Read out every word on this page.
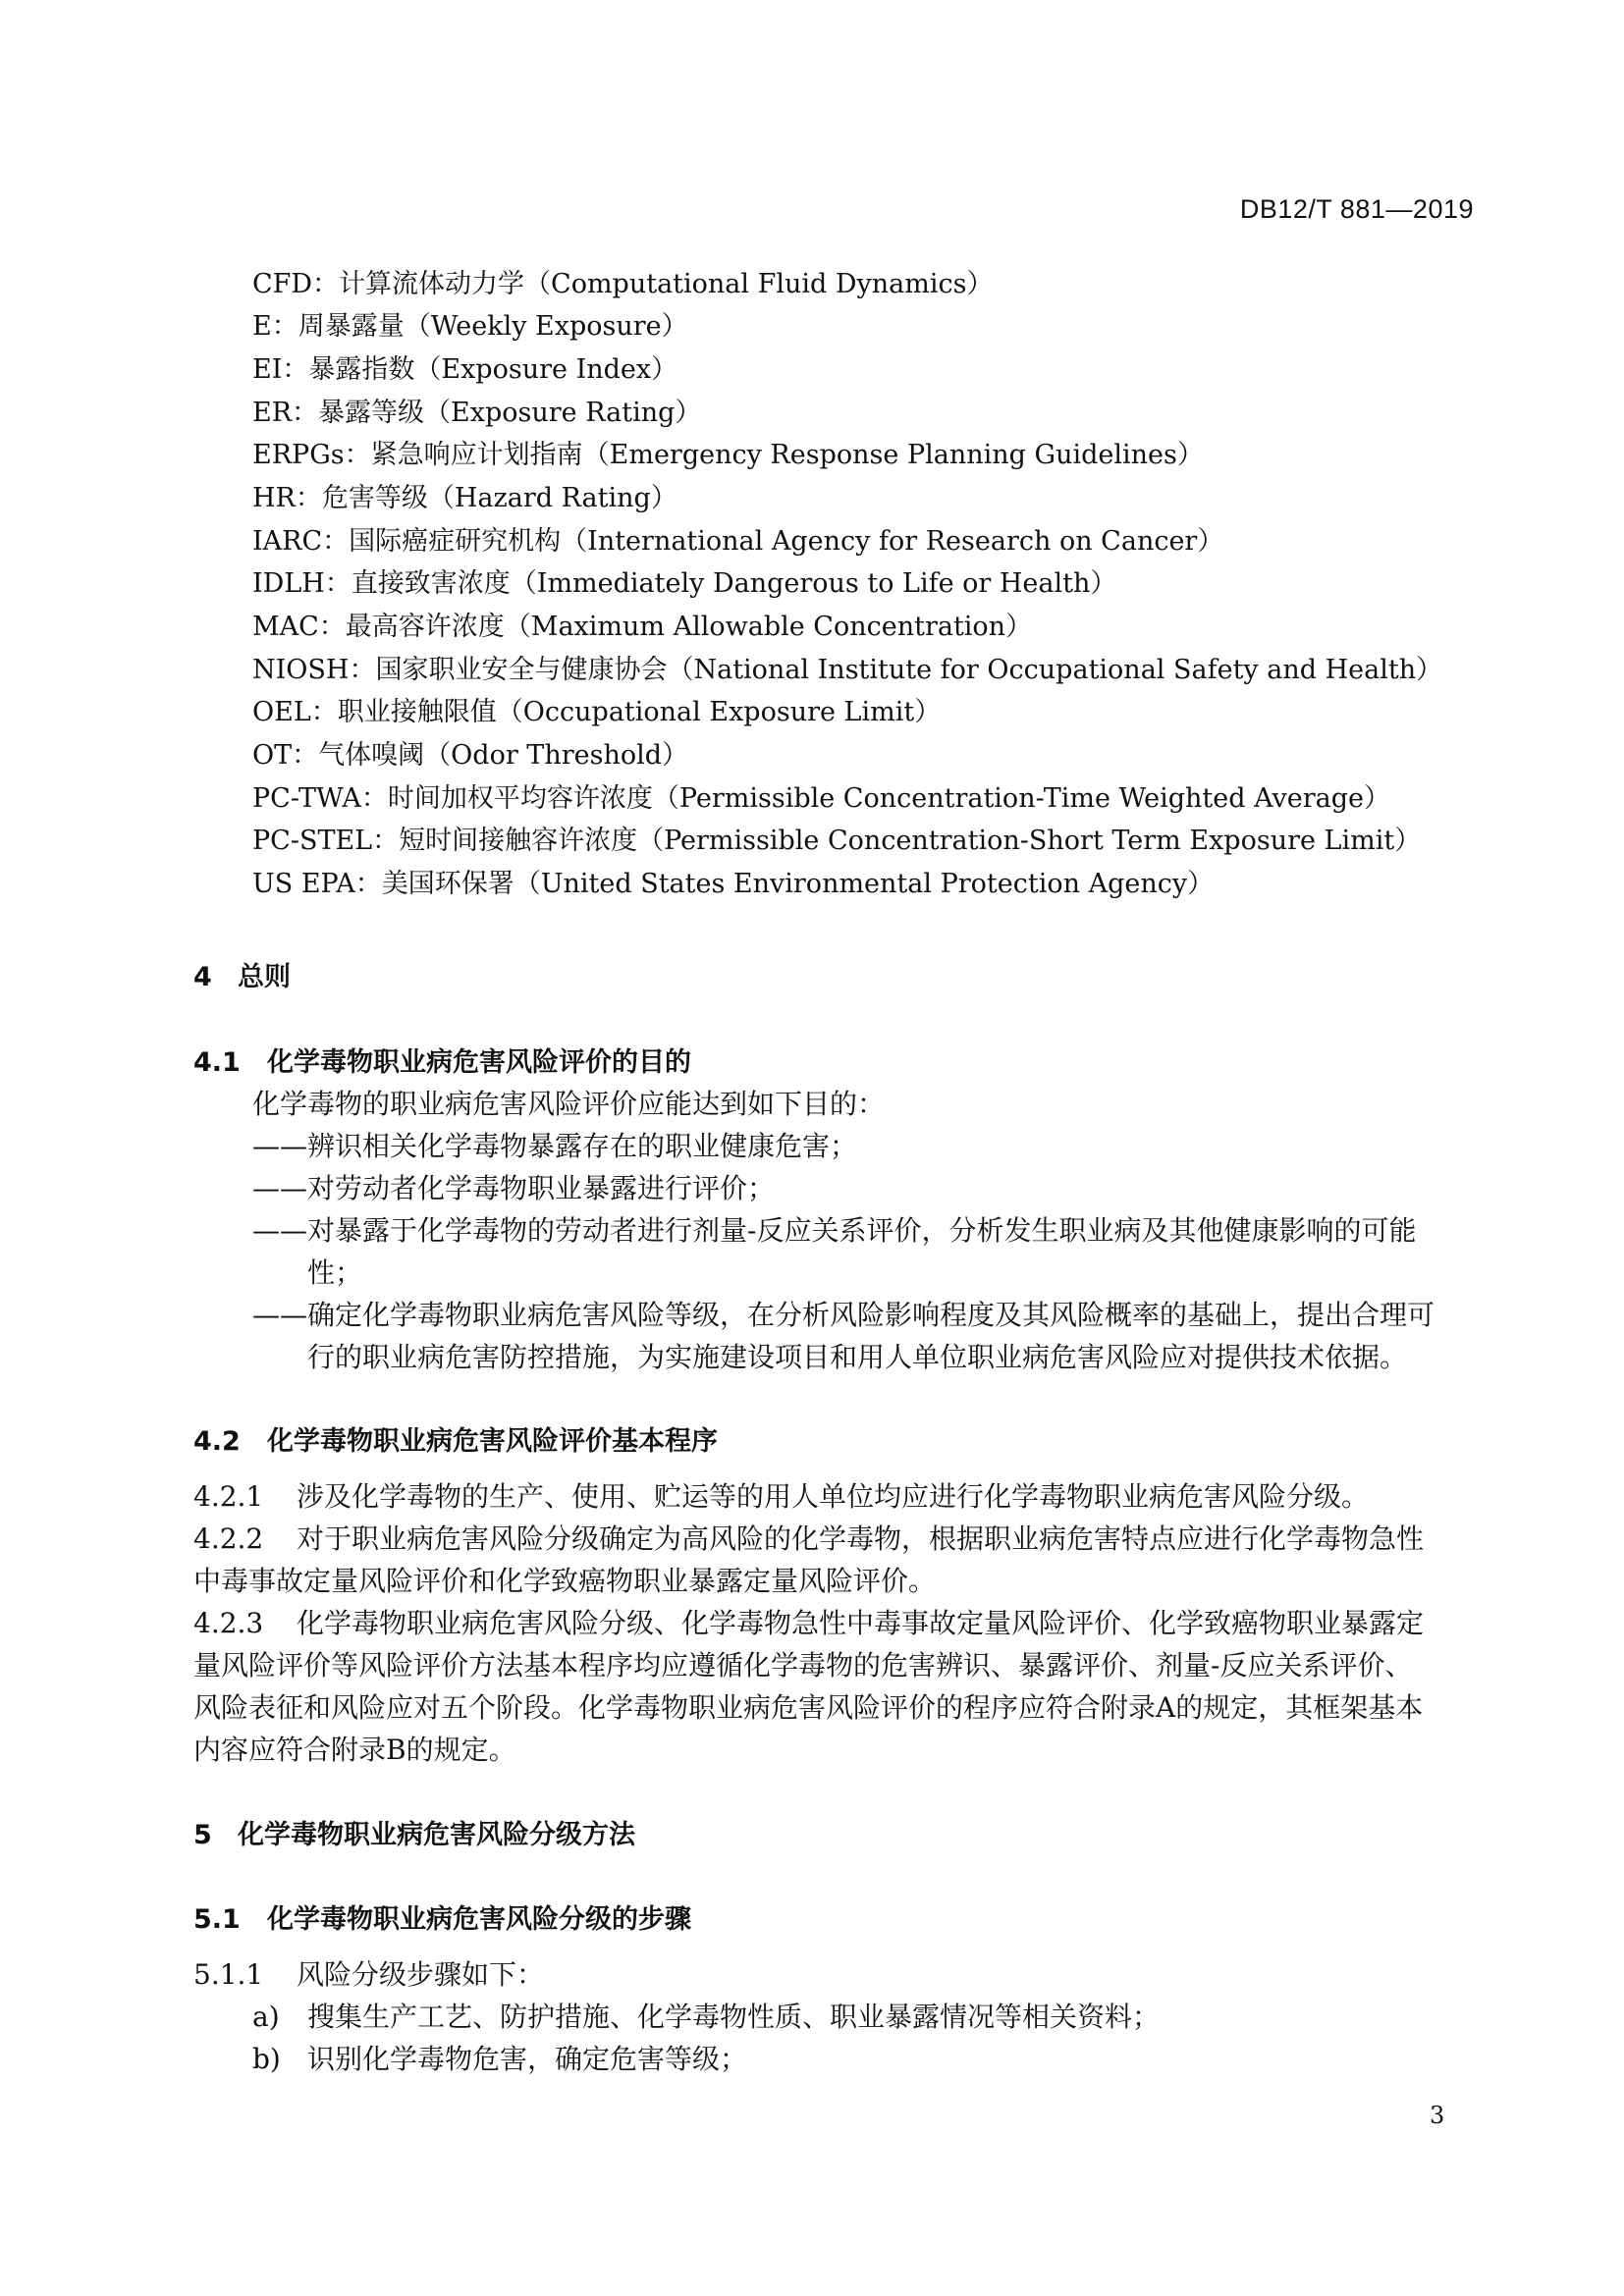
DB12/T 881—2019
CFD：计算流体动力学（Computational Fluid Dynamics）
E：周暴露量（Weekly Exposure）
EI：暴露指数（Exposure Index）
ER：暴露等级（Exposure Rating）
ERPGs：紧急响应计划指南（Emergency Response Planning Guidelines）
HR：危害等级（Hazard Rating）
IARC：国际癌症研究机构（International Agency for Research on Cancer）
IDLH：直接致害浓度（Immediately Dangerous to Life or Health）
MAC：最高容许浓度（Maximum Allowable Concentration）
NIOSH：国家职业安全与健康协会（National Institute for Occupational Safety and Health）
OEL：职业接触限值（Occupational Exposure Limit）
OT：气体嗅阈（Odor Threshold）
PC-TWA：时间加权平均容许浓度（Permissible Concentration-Time Weighted Average）
PC-STEL：短时间接触容许浓度（Permissible Concentration-Short Term Exposure Limit）
US EPA：美国环保署（United States Environmental Protection Agency）
4 总则
4.1 化学毒物职业病危害风险评价的目的
化学毒物的职业病危害风险评价应能达到如下目的：
——辨识相关化学毒物暴露存在的职业健康危害；
——对劳动者化学毒物职业暴露进行评价；
——对暴露于化学毒物的劳动者进行剂量-反应关系评价，分析发生职业病及其他健康影响的可能
性；
——确定化学毒物职业病危害风险等级，在分析风险影响程度及其风险概率的基础上，提出合理可
行的职业病危害防控措施，为实施建设项目和用人单位职业病危害风险应对提供技术依据。
4.2 化学毒物职业病危害风险评价基本程序
4.2.1 涉及化学毒物的生产、使用、贮运等的用人单位均应进行化学毒物职业病危害风险分级。
4.2.2 对于职业病危害风险分级确定为高风险的化学毒物，根据职业病危害特点应进行化学毒物急性
中毒事故定量风险评价和化学致癌物职业暴露定量风险评价。
4.2.3 化学毒物职业病危害风险分级、化学毒物急性中毒事故定量风险评价、化学致癌物职业暴露定
量风险评价等风险评价方法基本程序均应遵循化学毒物的危害辨识、暴露评价、剂量-反应关系评价、
风险表征和风险应对五个阶段。化学毒物职业病危害风险评价的程序应符合附录A的规定，其框架基本
内容应符合附录B的规定。
5 化学毒物职业病危害风险分级方法
5.1 化学毒物职业病危害风险分级的步骤
5.1.1 风险分级步骤如下：
a) 搜集生产工艺、防护措施、化学毒物性质、职业暴露情况等相关资料；
b) 识别化学毒物危害，确定危害等级；
3
